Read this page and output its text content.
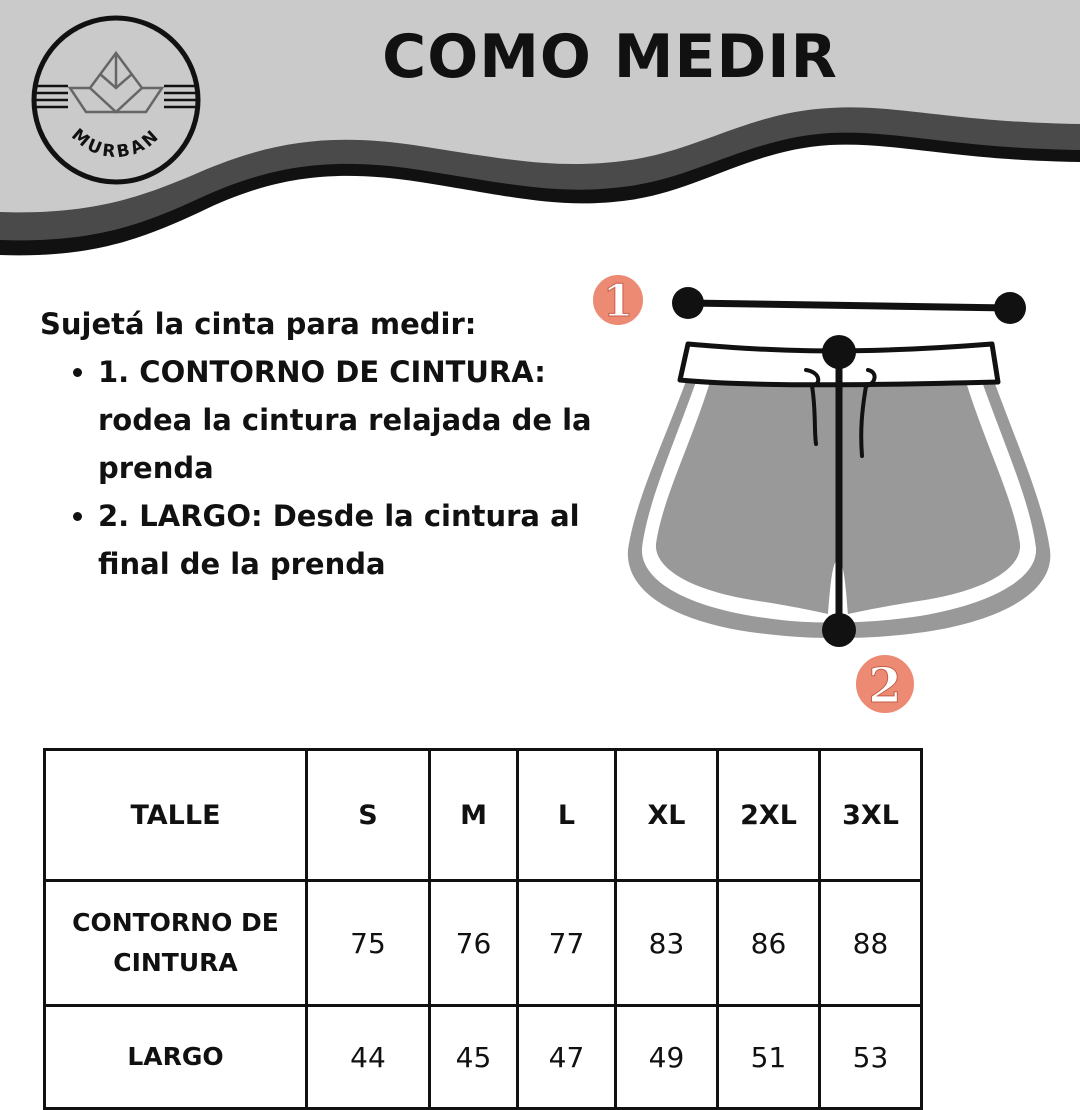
MURBAN
COMO MEDIR

Sujetá la cinta para medir:

• 1. CONTORNO DE CINTURA: rodea la cintura relajada de la prenda
• 2. LARGO: Desde la cintura al final de la prenda
1
2
TALLE	S	M	L	XL	2XL	3XL
CONTORNO DE CINTURA	75	76	77	83	86	88
LARGO	44	45	47	49	51	53
